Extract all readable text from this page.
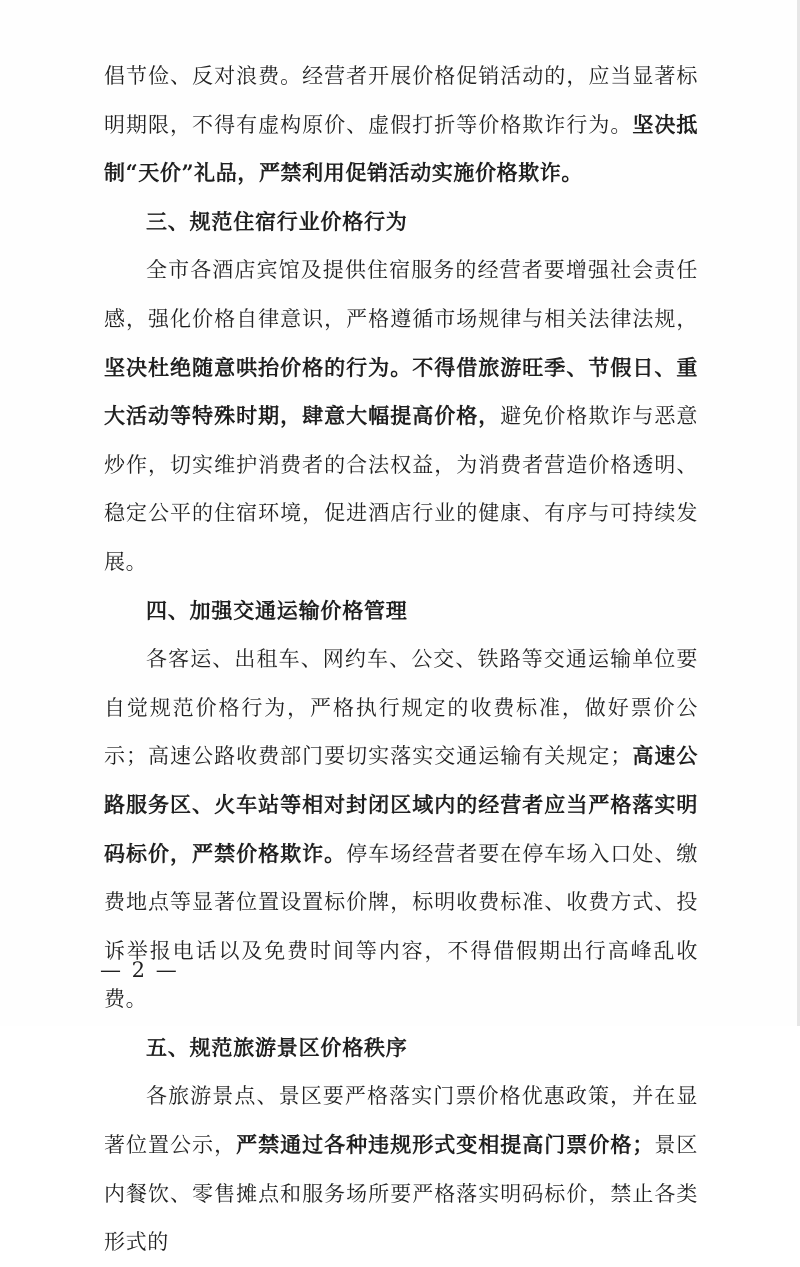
倡节俭、反对浪费。经营者开展价格促销活动的，应当显著标明期限，不得有虚构原价、虚假打折等价格欺诈行为。坚决抵制“天价”礼品，严禁利用促销活动实施价格欺诈。

三、规范住宿行业价格行为

全市各酒店宾馆及提供住宿服务的经营者要增强社会责任感，强化价格自律意识，严格遵循市场规律与相关法律法规，坚决杜绝随意哄抬价格的行为。不得借旅游旺季、节假日、重大活动等特殊时期，肆意大幅提高价格，避免价格欺诈与恶意炒作，切实维护消费者的合法权益，为消费者营造价格透明、稳定公平的住宿环境，促进酒店行业的健康、有序与可持续发展。

四、加强交通运输价格管理

各客运、出租车、网约车、公交、铁路等交通运输单位要自觉规范价格行为，严格执行规定的收费标准，做好票价公示；高速公路收费部门要切实落实交通运输有关规定；高速公路服务区、火车站等相对封闭区域内的经营者应当严格落实明码标价，严禁价格欺诈。停车场经营者要在停车场入口处、缴费地点等显著位置设置标价牌，标明收费标准、收费方式、投诉举报电话以及免费时间等内容，不得借假期出行高峰乱收费。

五、规范旅游景区价格秩序

各旅游景点、景区要严格落实门票价格优惠政策，并在显著位置公示，严禁通过各种违规形式变相提高门票价格；景区内餐饮、零售摊点和服务场所要严格落实明码标价，禁止各类形式的

— 2 —
